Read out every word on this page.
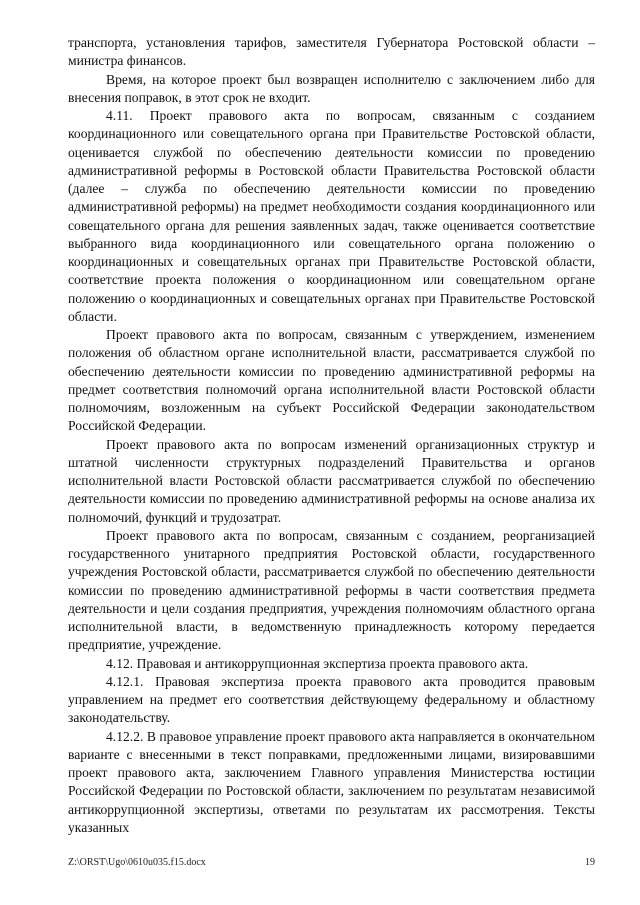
транспорта, установления тарифов, заместителя Губернатора Ростовской области – министра финансов.

Время, на которое проект был возвращен исполнителю с заключением либо для внесения поправок, в этот срок не входит.

4.11. Проект правового акта по вопросам, связанным с созданием координационного или совещательного органа при Правительстве Ростовской области, оценивается службой по обеспечению деятельности комиссии по проведению административной реформы в Ростовской области Правительства Ростовской области (далее – служба по обеспечению деятельности комиссии по проведению административной реформы) на предмет необходимости создания координационного или совещательного органа для решения заявленных задач, также оценивается соответствие выбранного вида координационного или совещательного органа положению о координационных и совещательных органах при Правительстве Ростовской области, соответствие проекта положения о координационном или совещательном органе положению о координационных и совещательных органах при Правительстве Ростовской области.

Проект правового акта по вопросам, связанным с утверждением, изменением положения об областном органе исполнительной власти, рассматривается службой по обеспечению деятельности комиссии по проведению административной реформы на предмет соответствия полномочий органа исполнительной власти Ростовской области полномочиям, возложенным на субъект Российской Федерации законодательством Российской Федерации.

Проект правового акта по вопросам изменений организационных структур и штатной численности структурных подразделений Правительства и органов исполнительной власти Ростовской области рассматривается службой по обеспечению деятельности комиссии по проведению административной реформы на основе анализа их полномочий, функций и трудозатрат.

Проект правового акта по вопросам, связанным с созданием, реорганизацией государственного унитарного предприятия Ростовской области, государственного учреждения Ростовской области, рассматривается службой по обеспечению деятельности комиссии по проведению административной реформы в части соответствия предмета деятельности и цели создания предприятия, учреждения полномочиям областного органа исполнительной власти, в ведомственную принадлежность которому передается предприятие, учреждение.

4.12. Правовая и антикоррупционная экспертиза проекта правового акта.

4.12.1. Правовая экспертиза проекта правового акта проводится правовым управлением на предмет его соответствия действующему федеральному и областному законодательству.

4.12.2. В правовое управление проект правового акта направляется в окончательном варианте с внесенными в текст поправками, предложенными лицами, визировавшими проект правового акта, заключением Главного управления Министерства юстиции Российской Федерации по Ростовской области, заключением по результатам независимой антикоррупционной экспертизы, ответами по результатам их рассмотрения. Тексты указанных

Z:\ORST\Ugo\0610u035.f15.docx	19
